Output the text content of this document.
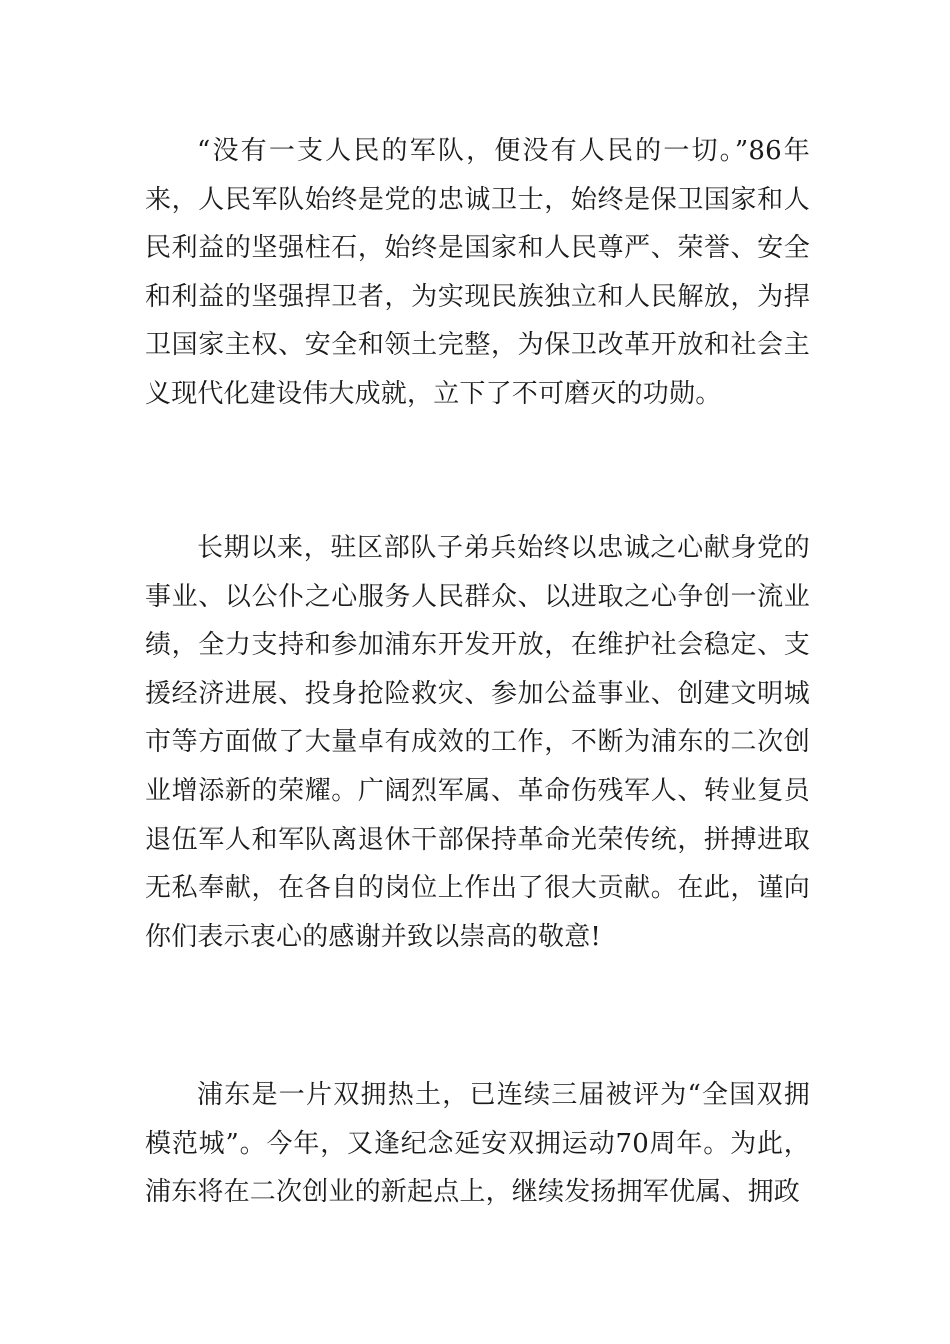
“没有一支人民的军队，便没有人民的一切。”86年来，人民军队始终是党的忠诚卫士，始终是保卫国家和人民利益的坚强柱石，始终是国家和人民尊严、荣誉、安全和利益的坚强捍卫者，为实现民族独立和人民解放，为捍卫国家主权、安全和领土完整，为保卫改革开放和社会主义现代化建设伟大成就，立下了不可磨灭的功勋。

长期以来，驻区部队子弟兵始终以忠诚之心献身党的事业、以公仆之心服务人民群众、以进取之心争创一流业绩，全力支持和参加浦东开发开放，在维护社会稳定、支援经济进展、投身抢险救灾、参加公益事业、创建文明城市等方面做了大量卓有成效的工作，不断为浦东的二次创业增添新的荣耀。广阔烈军属、革命伤残军人、转业复员退伍军人和军队离退休干部保持革命光荣传统，拼搏进取无私奉献，在各自的岗位上作出了很大贡献。在此，谨向你们表示衷心的感谢并致以崇高的敬意!

浦东是一片双拥热土，已连续三届被评为“全国双拥模范城”。今年，又逢纪念延安双拥运动70周年。为此，浦东将在二次创业的新起点上，继续发扬拥军优属、拥政
